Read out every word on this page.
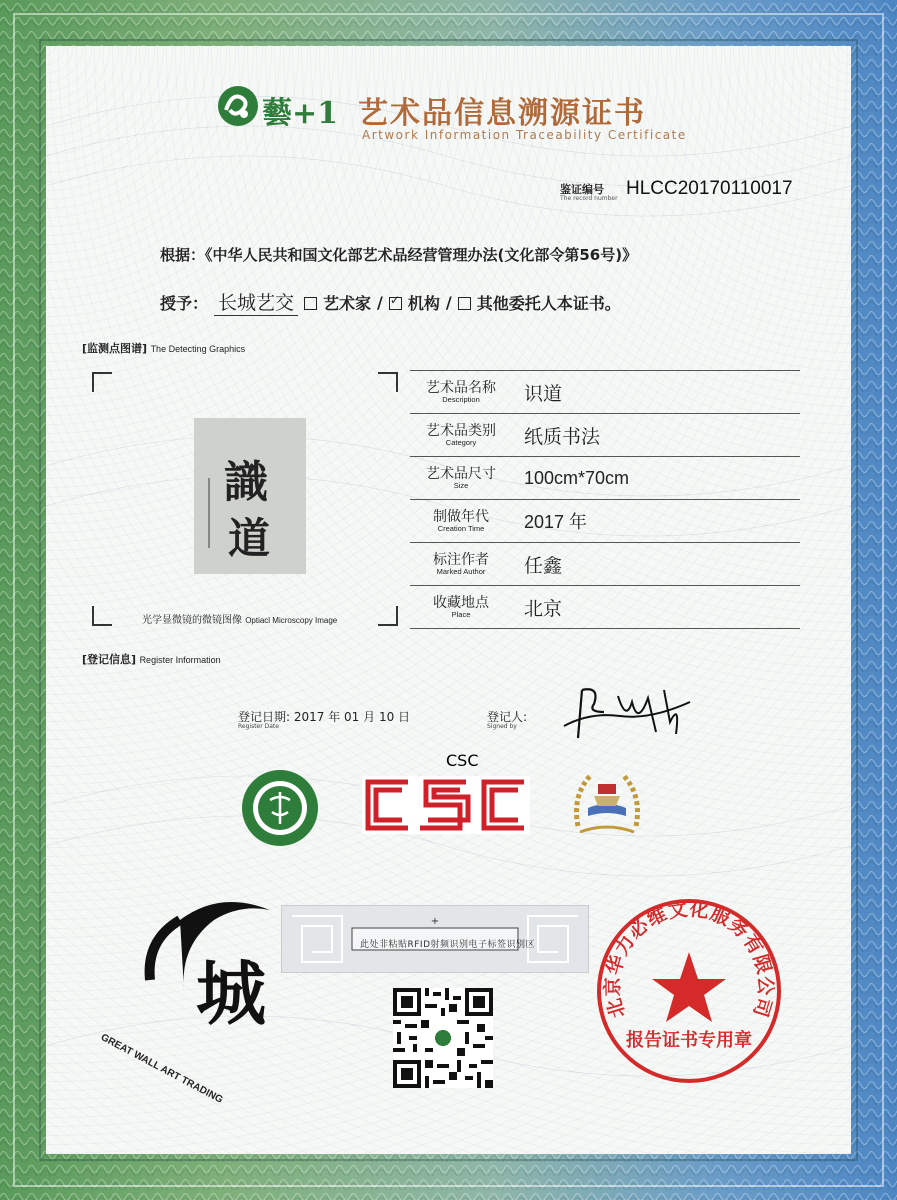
藝+1 艺术品信息溯源证书
Artwork Information Traceability Certificate
鉴证编号
The record number HLCC20170110017
根据：《中华人民共和国文化部艺术品经营管理办法(文化部令第56号)》
授予： 长城艺交 艺术家 / ✓ 机构 / 其他委托人本证书。
[监测点图谱] The Detecting Graphics
識
道
光学显微镜的微镜图像 Optiacl Microscopy Image
艺术品名称
Description	识道

艺术品类别
Category	纸质书法

艺术品尺寸
Size	100cm*70cm

制做年代
Creation Time	2017 年

标注作者
Marked Author	任鑫

收藏地点
Place	北京
[登记信息] Register Information
登记日期: 2017 年 01 月 10 日
Register Date
登记人:
Signed by
CSC
城
GREAT WALL ART TRADING
+
此处非粘贴RFID射频识别电子标签识别区
北京华力必维文化服务有限公司
报告证书专用章
